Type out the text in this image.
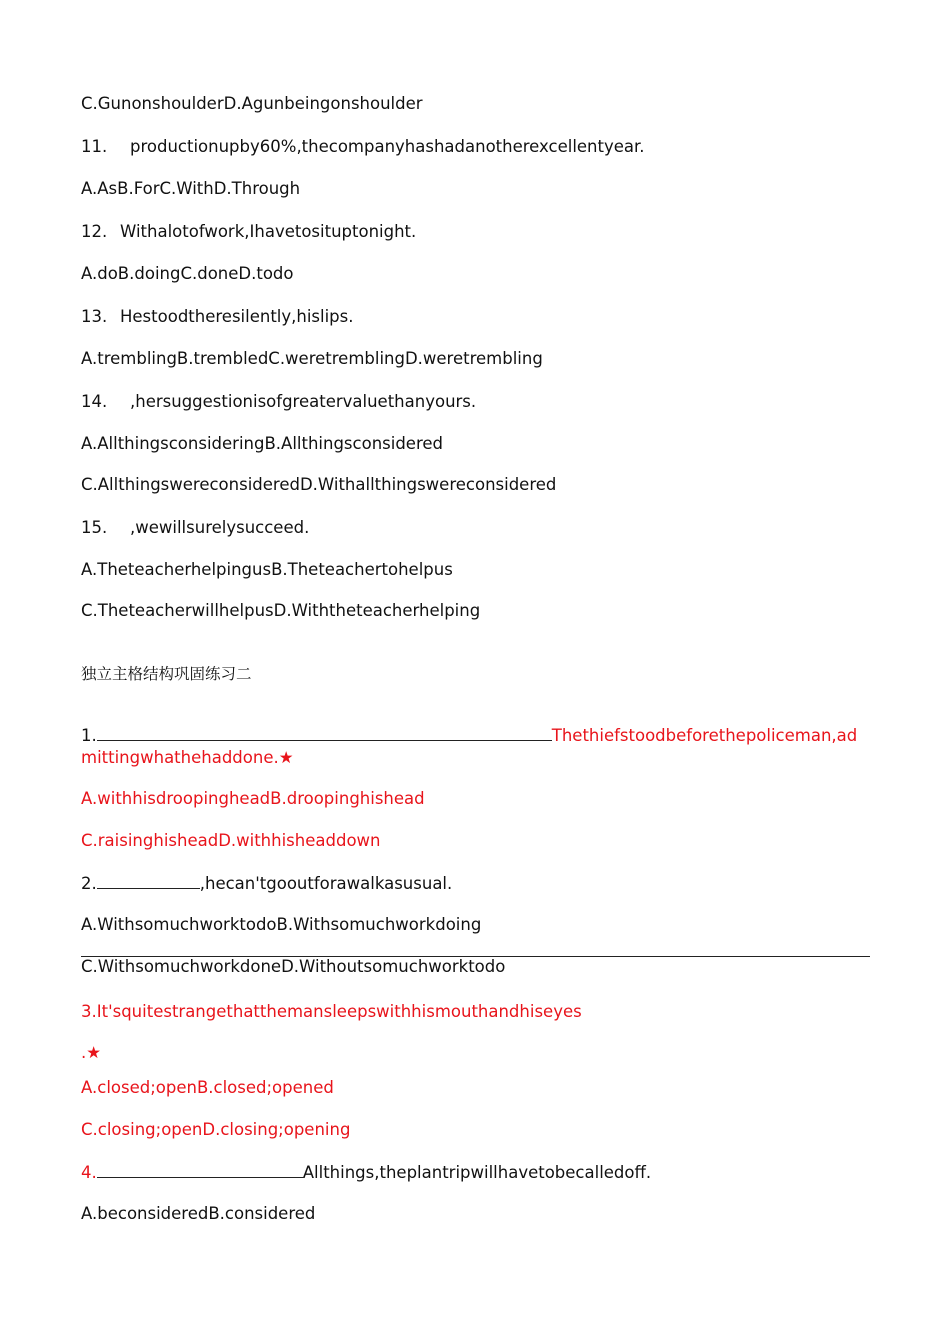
C.GunonshoulderD.Agunbeingonshoulder
11. productionupby60%,thecompanyhashadanotherexcellentyear.
A.AsB.ForC.WithD.Through
12. Withalotofwork,Ihavetosituptonight.
A.doB.doingC.doneD.todo
13. Hestoodtheresilently,hislips.
A.tremblingB.trembledC.weretremblingD.weretrembling
14. ,hersuggestionisofgreatervaluethanyours.
A.AllthingsconsideringB.Allthingsconsidered
C.AllthingswereconsideredD.Withallthingswereconsidered
15. ,wewillsurelysucceed.
A.TheteacherhelpingusB.Theteachertohelpus
C.TheteacherwillhelpusD.Withtheteacherhelping
独立主格结构巩固练习二
1.	Thethiefstoodbeforethepoliceman,ad
mittingwhathehaddone.★
A.withhisdroopingheadB.droopinghishead
C.raisinghisheadD.withhisheaddown
2.	,hecan'tgooutforawalkasusual.
A.WithsomuchworktodoB.Withsomuchworkdoing
C.WithsomuchworkdoneD.Withoutsomuchworktodo
3.It'squitestrangethatthemansleepswithhismouthandhiseyes
.★
A.closed;openB.closed;opened
C.closing;openD.closing;opening
4.	Allthings,theplantripwillhavetobecalledoff.
A.beconsideredB.considered
